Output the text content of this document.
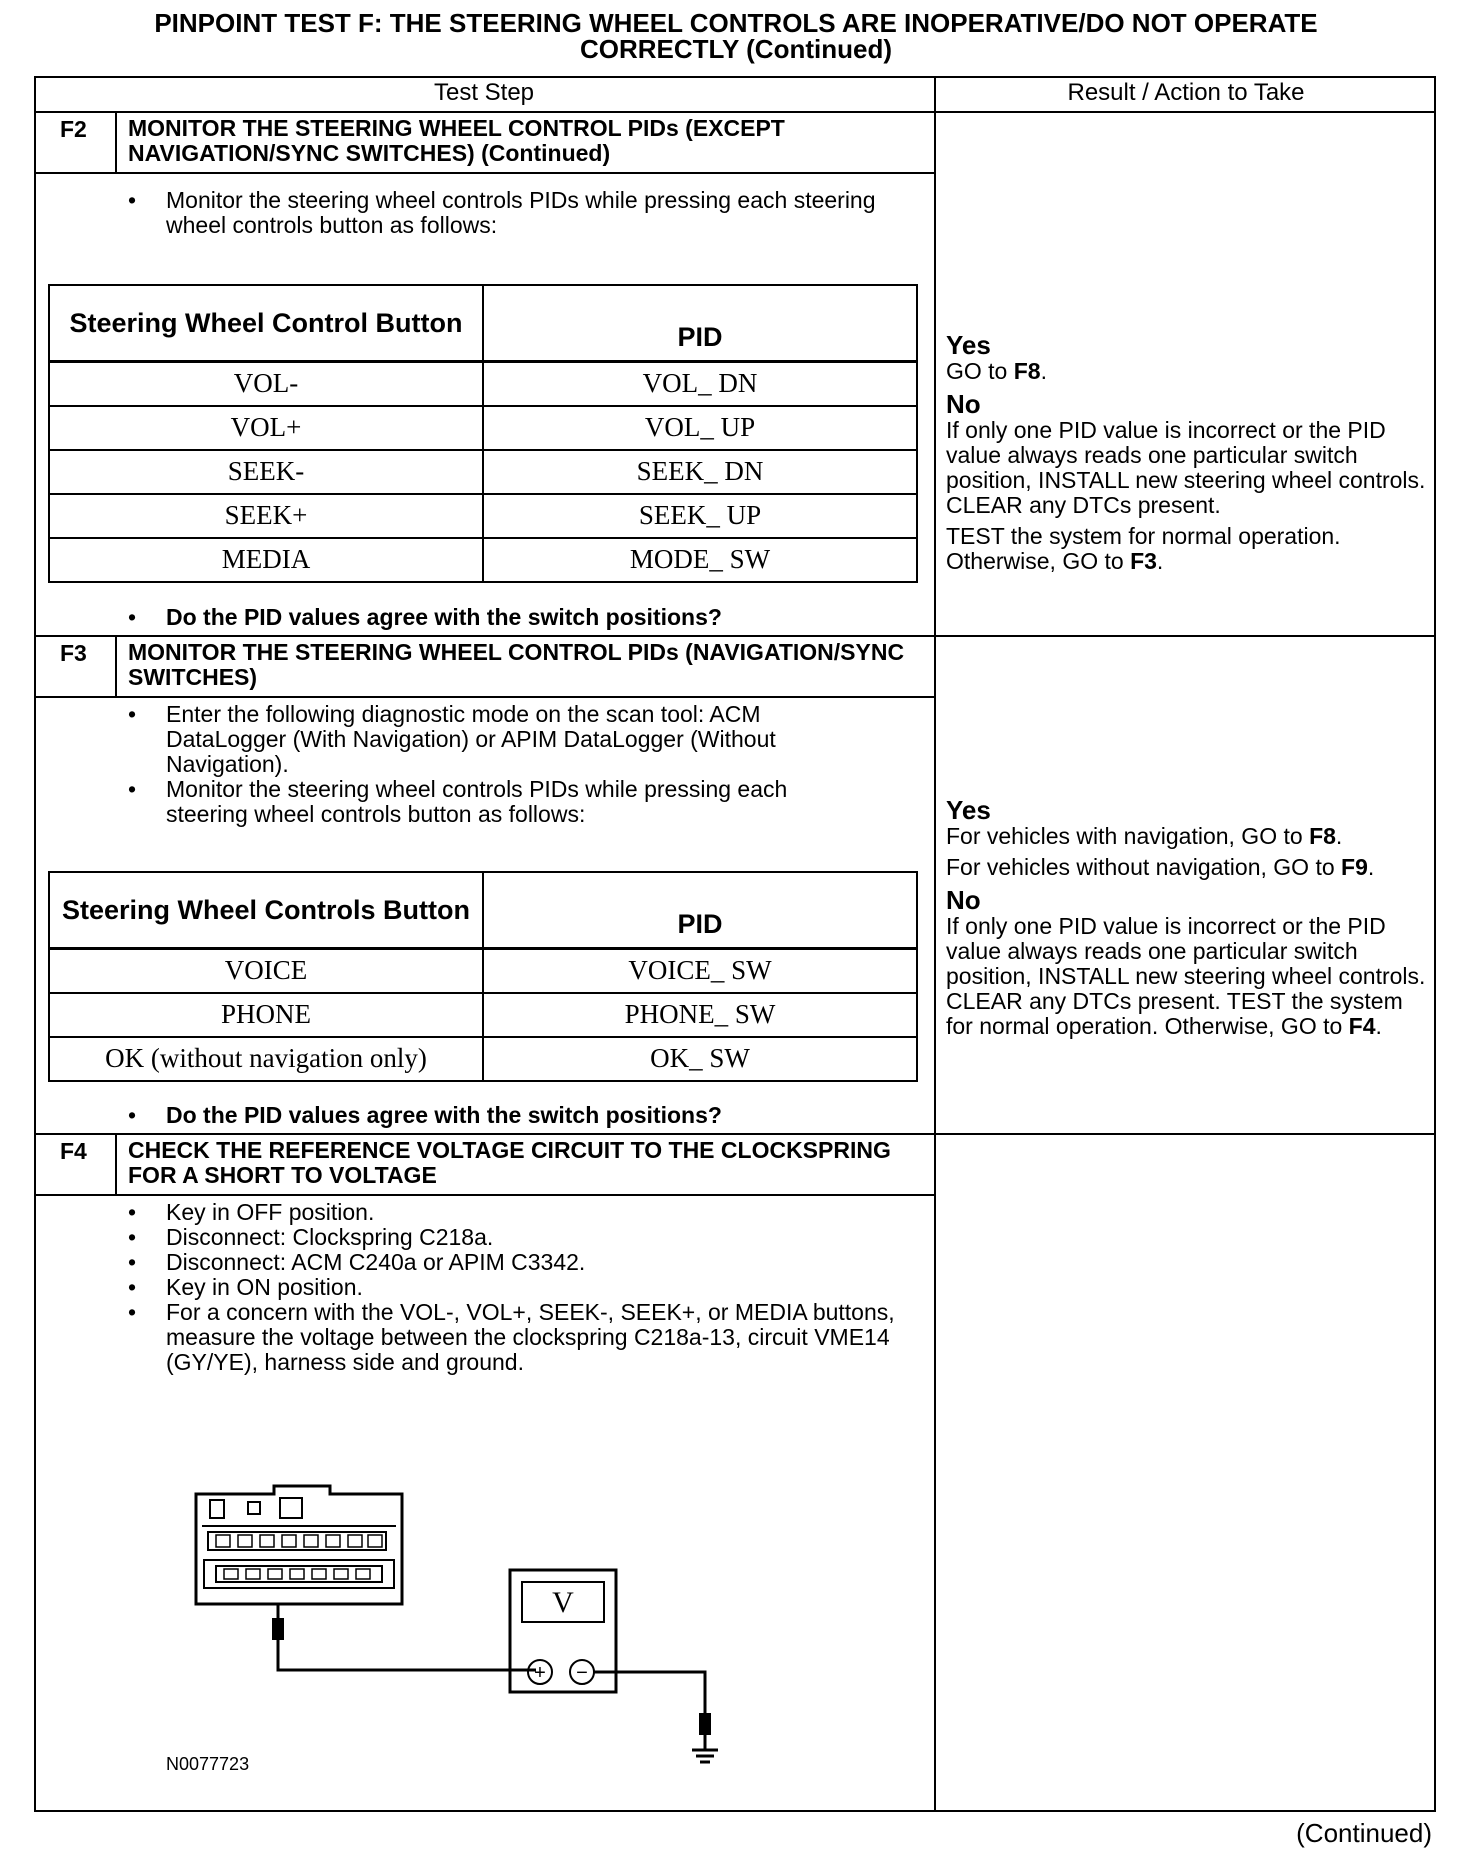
PINPOINT TEST F: THE STEERING WHEEL CONTROLS ARE INOPERATIVE/DO NOT OPERATE
CORRECTLY (Continued)
Test Step	Result / Action to Take
F2 MONITOR THE STEERING WHEEL CONTROL PIDs (EXCEPT NAVIGATION/SYNC SWITCHES) (Continued)
• Monitor the steering wheel controls PIDs while pressing each steering wheel controls button as follows:
Steering Wheel Control Button	PID
VOL-	VOL_ DN
VOL+	VOL_ UP
SEEK-	SEEK_ DN
SEEK+	SEEK_ UP
MEDIA	MODE_ SW
• Do the PID values agree with the switch positions?
Yes

GO to F8.

No

If only one PID value is incorrect or the PID value always reads one particular switch position, INSTALL new steering wheel controls. CLEAR any DTCs present.

TEST the system for normal operation. Otherwise, GO to F3.

F3 MONITOR THE STEERING WHEEL CONTROL PIDs (NAVIGATION/SYNC SWITCHES)
• Enter the following diagnostic mode on the scan tool: ACM DataLogger (With Navigation) or APIM DataLogger (Without Navigation).
• Monitor the steering wheel controls PIDs while pressing each steering wheel controls button as follows:
Steering Wheel Controls Button	PID
VOICE	VOICE_ SW
PHONE	PHONE_ SW
OK (without navigation only)	OK_ SW
• Do the PID values agree with the switch positions?
Yes

For vehicles with navigation, GO to F8.

For vehicles without navigation, GO to F9.

No

If only one PID value is incorrect or the PID value always reads one particular switch position, INSTALL new steering wheel controls. CLEAR any DTCs present. TEST the system for normal operation. Otherwise, GO to F4.

F4 CHECK THE REFERENCE VOLTAGE CIRCUIT TO THE CLOCKSPRING FOR A SHORT TO VOLTAGE
• Key in OFF position.
• Disconnect: Clockspring C218a.
• Disconnect: ACM C240a or APIM C3342.
• Key in ON position.
• For a concern with the VOL-, VOL+, SEEK-, SEEK+, or MEDIA buttons, measure the voltage between the clockspring C218a-13, circuit VME14 (GY/YE), harness side and ground.
V
+ −
N0077723
(Continued)
